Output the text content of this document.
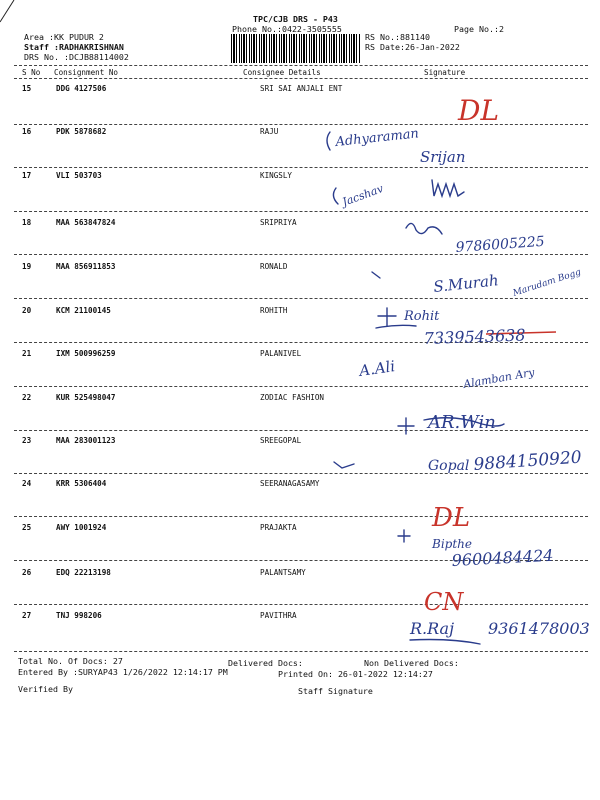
TPC/CJB DRS - P43
Phone No.:0422-3505555	Page No.:2
Area :KK PUDUR 2
Staff :RADHAKRISHNAN
DRS No. :DCJB88114002
RS No.:881140
RS Date:26-Jan-2022
S No Consignment No	Consignee Details	Signature
15	DDG 4127506	SRI SAI ANJALI ENT
16	PDK 5878682	RAJU
17	VLI 503703	KINGSLY
18	MAA 563847824	SRIPRIYA
19	MAA 856911853	RONALD
20	KCM 21100145	ROHITH
21	IXM 500996259	PALANIVEL
22	KUR 525498047	ZODIAC FASHION
23	MAA 283001123	SREEGOPAL
24	KRR 5306404	SEERANAGASAMY
25	AWY 1001924	PRAJAKTA
26	EDQ 22213198	PALANTSAMY
27	TNJ 998206	PAVITHRA
Total No. Of Docs: 27	Delivered Docs:	Non Delivered Docs:
Entered By :SURYAP43 1/26/2022 12:14:17 PM	Printed On: 26-01-2022 12:14:27
Verified By	Staff Signature
DL
DL
CN
Adhyaraman
Srijan
Jacshav
9786005225
S.Murah Marudam Bogg
Rohit
7339543638
A.Ali	Alamban Ary
AR.Win
Gopal 9884150920
Bipthe
9600484424
R.Raj 9361478003
